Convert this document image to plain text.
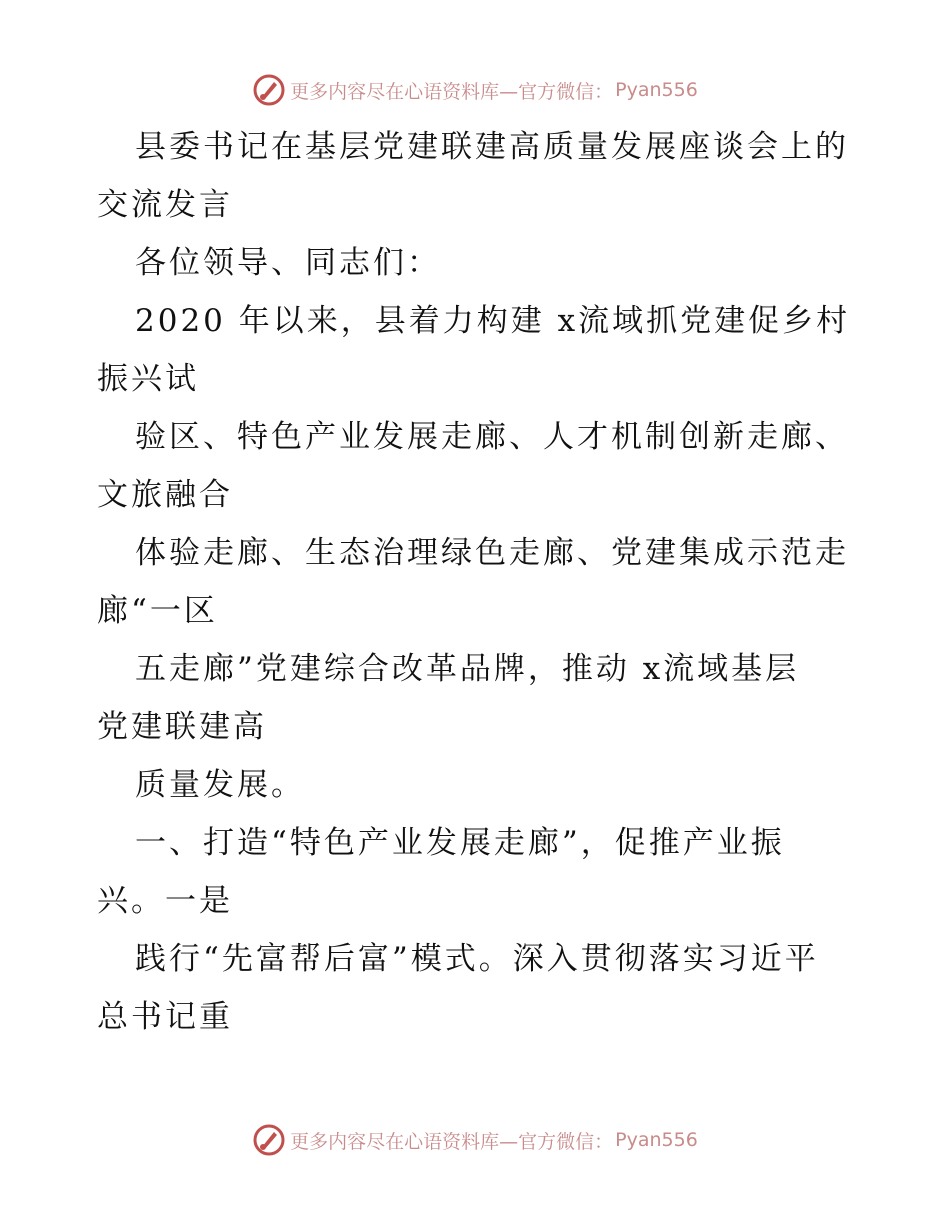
更多内容尽在心语资料库—官方微信： Pyan556
县委书记在基层党建联建高质量发展座谈会上的
交流发言
各位领导、同志们：
2020 年以来，县着力构建 x流域抓党建促乡村
振兴试
验区、特色产业发展走廊、人才机制创新走廊、
文旅融合
体验走廊、生态治理绿色走廊、党建集成示范走
廊“一区
五走廊”党建综合改革品牌，推动 x流域基层
党建联建高
质量发展。
一、打造“特色产业发展走廊”，促推产业振
兴。一是
践行“先富帮后富”模式。深入贯彻落实习近平
总书记重
更多内容尽在心语资料库—官方微信： Pyan556
